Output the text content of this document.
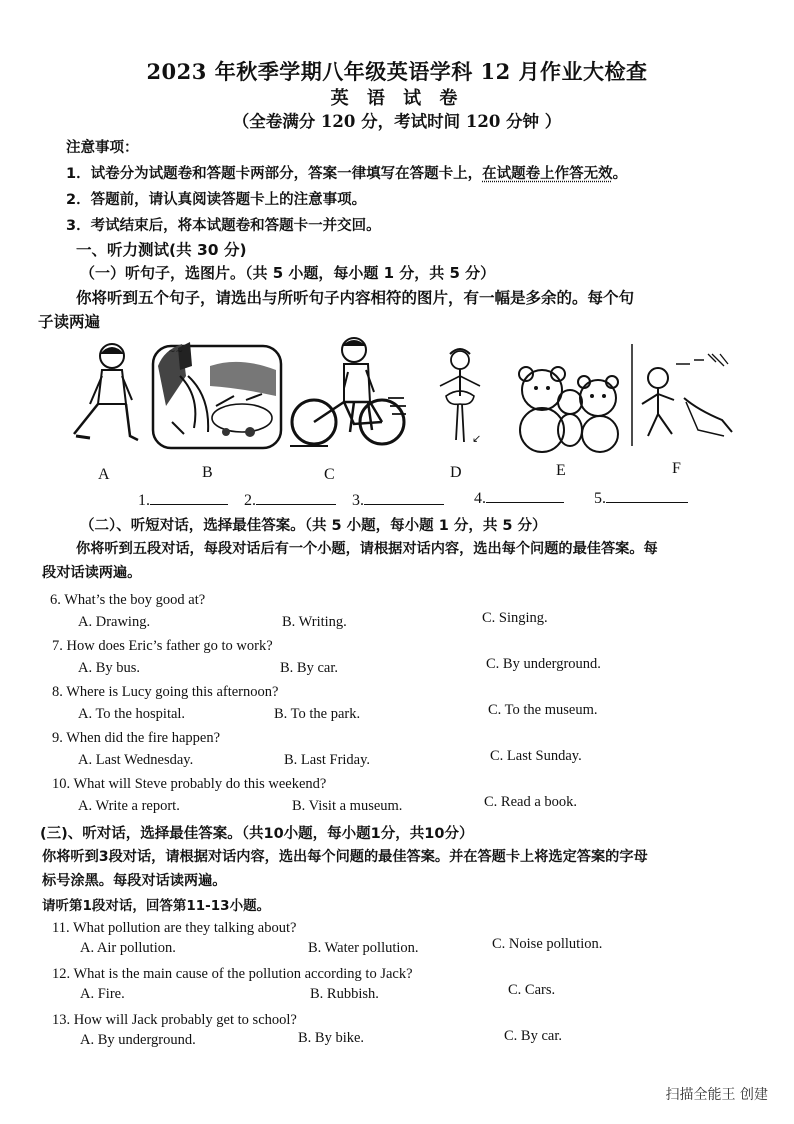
2023 年秋季学期八年级英语学科 12 月作业大检查
英 语 试 卷
（全卷满分 120 分，考试时间 120 分钟 ）
注意事项：
1．试卷分为试题卷和答题卡两部分，答案一律填写在答题卡上，在试题卷上作答无效。
2．答题前，请认真阅读答题卡上的注意事项。
3．考试结束后，将本试题卷和答题卡一并交回。
一、听力测试(共 30 分)
（一）听句子，选图片。（共 5 小题，每小题 1 分，共 5 分）
你将听到五个句子，请选出与所听句子内容相符的图片，有一幅是多余的。每个句
子读两遍
~~
↙
A	B	C	D	E	F
1.	2.	3.	4.	5.
（二）、听短对话，选择最佳答案。（共 5 小题，每小题 1 分，共 5 分）
你将听到五段对话，每段对话后有一个小题，请根据对话内容，选出每个问题的最佳答案。每
段对话读两遍。
6. What’s the boy good at?
A. Drawing.	B. Writing.	C. Singing.
7. How does Eric’s father go to work?
A. By bus.	B. By car.	C. By underground.
8. Where is Lucy going this afternoon?
A. To the hospital.	B. To the park.	C. To the museum.
9. When did the fire happen?
A. Last Wednesday.	B. Last Friday.	C. Last Sunday.
10. What will Steve probably do this weekend?
A. Write a report.	B. Visit a museum.	C. Read a book.
(三)、听对话，选择最佳答案。（共10小题，每小题1分，共10分）
你将听到3段对话，请根据对话内容，选出每个问题的最佳答案。并在答题卡上将选定答案的字母
标号涂黑。每段对话读两遍。
请听第1段对话，回答第11-13小题。
11. What pollution are they talking about?
A. Air pollution.	B. Water pollution.	C. Noise pollution.
12. What is the main cause of the pollution according to Jack?
A. Fire.	B. Rubbish.	C. Cars.
13. How will Jack probably get to school?
A. By underground.	B. By bike.	C. By car.
扫描全能王 创建
